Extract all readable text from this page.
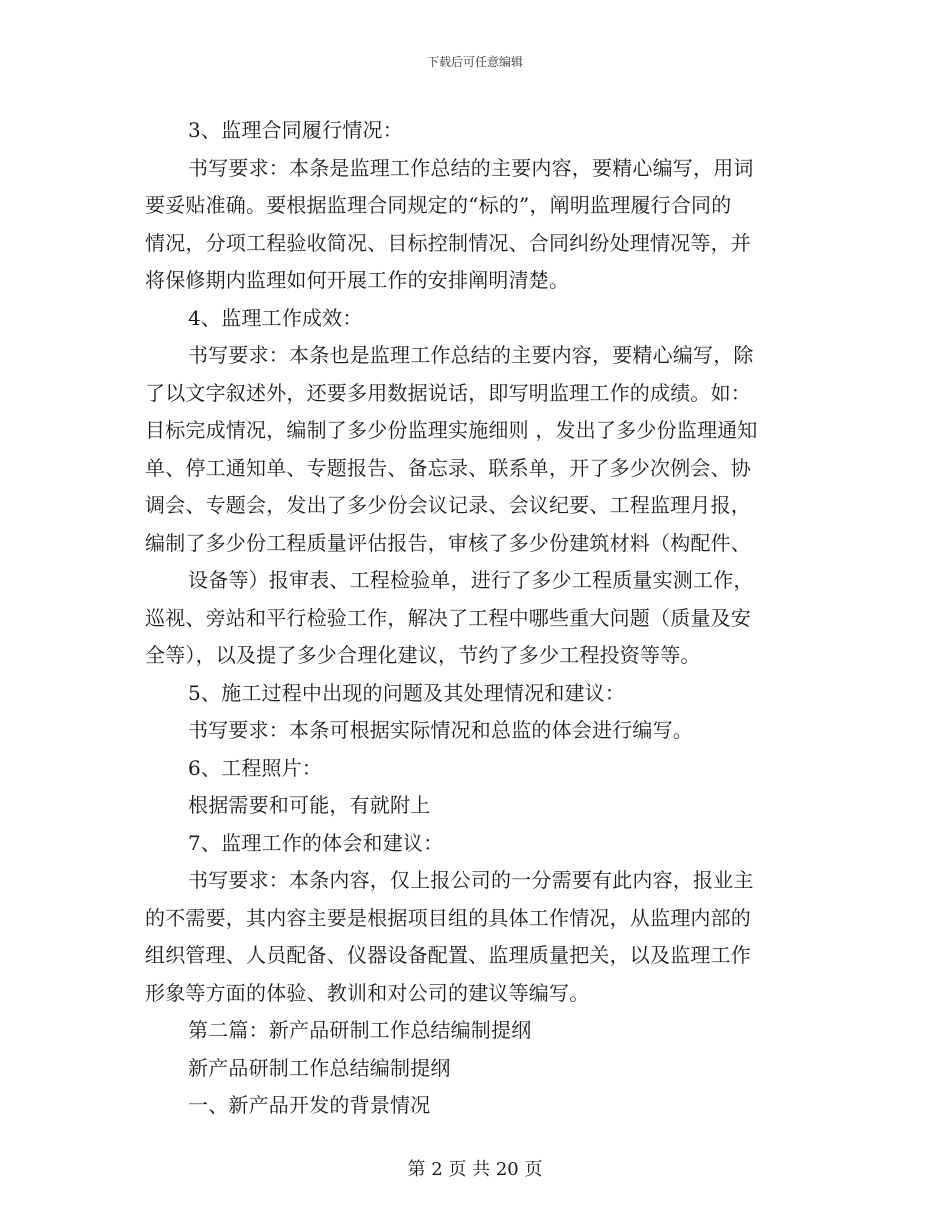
下载后可任意编辑
3、监理合同履行情况：
书写要求：本条是监理工作总结的主要内容，要精心编写，用词
要妥贴准确。要根据监理合同规定的“标的”，阐明监理履行合同的
情况，分项工程验收简况、目标控制情况、合同纠纷处理情况等，并
将保修期内监理如何开展工作的安排阐明清楚。
4、监理工作成效：
书写要求：本条也是监理工作总结的主要内容，要精心编写，除
了以文字叙述外，还要多用数据说话，即写明监理工作的成绩。如：
目标完成情况，编制了多少份监理实施细则 ，发出了多少份监理通知
单、停工通知单、专题报告、备忘录、联系单，开了多少次例会、协
调会、专题会，发出了多少份会议记录、会议纪要、工程监理月报，
编制了多少份工程质量评估报告，审核了多少份建筑材料（构配件、
设备等）报审表、工程检验单，进行了多少工程质量实测工作，
巡视、旁站和平行检验工作，解决了工程中哪些重大问题（质量及安
全等），以及提了多少合理化建议，节约了多少工程投资等等。
5、施工过程中出现的问题及其处理情况和建议：
书写要求：本条可根据实际情况和总监的体会进行编写。
6、工程照片：
根据需要和可能，有就附上
7、监理工作的体会和建议：
书写要求：本条内容，仅上报公司的一分需要有此内容，报业主
的不需要，其内容主要是根据项目组的具体工作情况，从监理内部的
组织管理、人员配备、仪器设备配置、监理质量把关，以及监理工作
形象等方面的体验、教训和对公司的建议等编写。
第二篇：新产品研制工作总结编制提纲
新产品研制工作总结编制提纲
一、新产品开发的背景情况
第 2 页 共 20 页
